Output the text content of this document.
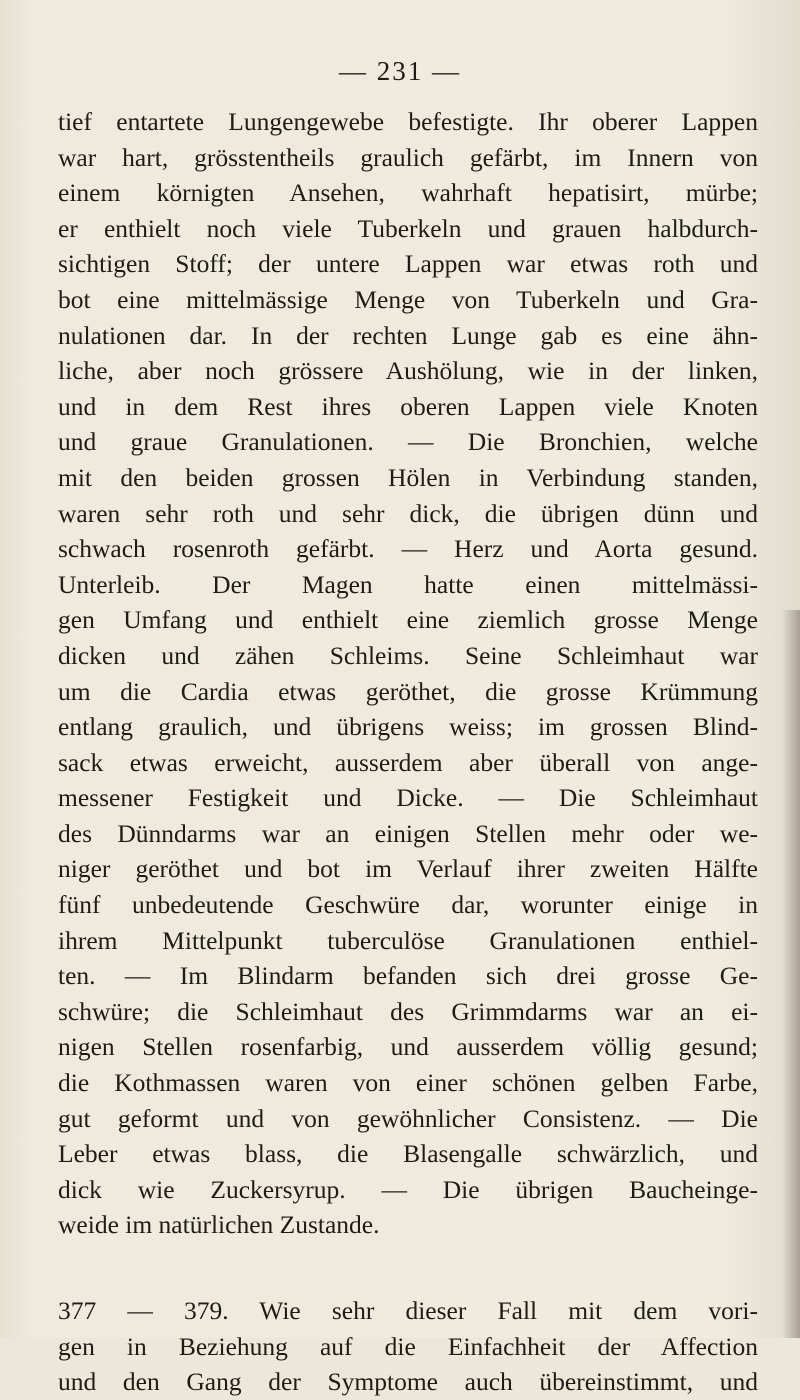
— 231 —
tief entartete Lungengewebe befestigte. Ihr oberer Lappen
war hart, grösstentheils graulich gefärbt, im Innern von
einem körnigten Ansehen, wahrhaft hepatisirt, mürbe;
er enthielt noch viele Tuberkeln und grauen halbdurch-
sichtigen Stoff; der untere Lappen war etwas roth und
bot eine mittelmässige Menge von Tuberkeln und Gra-
nulationen dar. In der rechten Lunge gab es eine ähn-
liche, aber noch grössere Aushölung, wie in der linken,
und in dem Rest ihres oberen Lappen viele Knoten
und graue Granulationen. — Die Bronchien, welche
mit den beiden grossen Hölen in Verbindung standen,
waren sehr roth und sehr dick, die übrigen dünn und
schwach rosenroth gefärbt. — Herz und Aorta gesund.
Unterleib. Der Magen hatte einen mittelmässi-
gen Umfang und enthielt eine ziemlich grosse Menge
dicken und zähen Schleims. Seine Schleimhaut war
um die Cardia etwas geröthet, die grosse Krümmung
entlang graulich, und übrigens weiss; im grossen Blind-
sack etwas erweicht, ausserdem aber überall von ange-
messener Festigkeit und Dicke. — Die Schleimhaut
des Dünndarms war an einigen Stellen mehr oder we-
niger geröthet und bot im Verlauf ihrer zweiten Hälfte
fünf unbedeutende Geschwüre dar, worunter einige in
ihrem Mittelpunkt tuberculöse Granulationen enthiel-
ten. — Im Blindarm befanden sich drei grosse Ge-
schwüre; die Schleimhaut des Grimmdarms war an ei-
nigen Stellen rosenfarbig, und ausserdem völlig gesund;
die Kothmassen waren von einer schönen gelben Farbe,
gut geformt und von gewöhnlicher Consistenz. — Die
Leber etwas blass, die Blasengalle schwärzlich, und
dick wie Zuckersyrup. — Die übrigen Baucheinge-
weide im natürlichen Zustande.
377 — 379. Wie sehr dieser Fall mit dem vori-
gen in Beziehung auf die Einfachheit der Affection
und den Gang der Symptome auch übereinstimmt, und
